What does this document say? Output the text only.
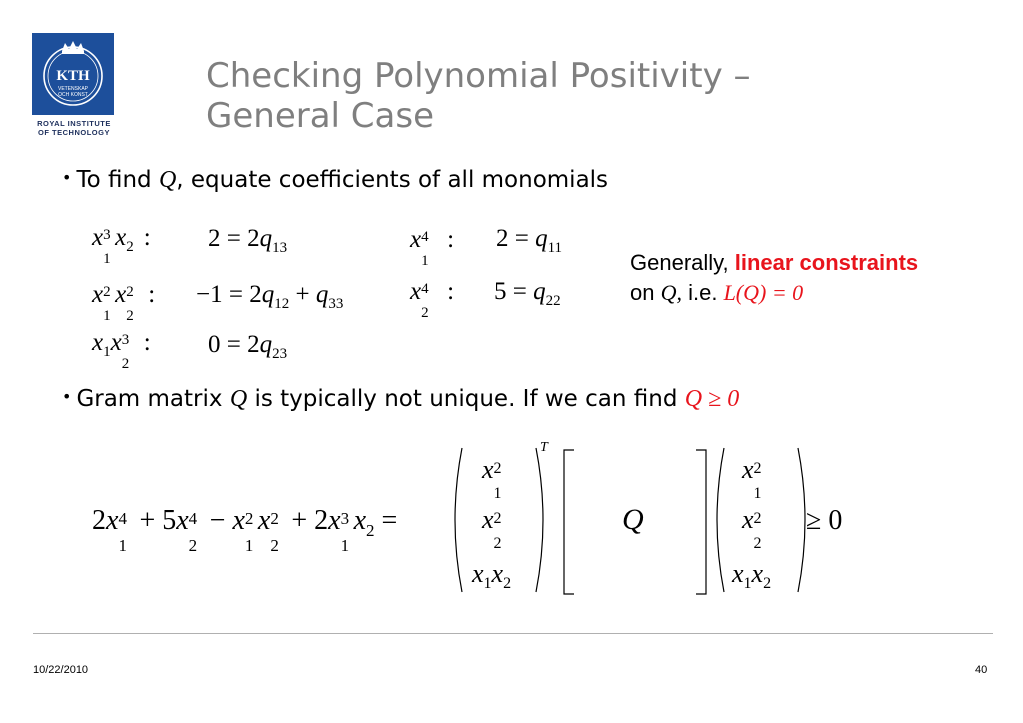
KTH
VETENSKAP
OCH KONST
ROYAL INSTITUTE
OF TECHNOLOGY
Checking Polynomial Positivity –
General Case
• To find Q, equate coefficients of all monomials
x 3
1
$x_2$ : $2 = 2q_{13}$
x 2
1
x 2
2
: $-1 = 2q_{12} + q_{33}$
$x_1x$ 3
2
: $0 = 2q_{23}$
x 4
1
: $2 = q_{11}$
x 4
2
: $5 = q_{22}$
Generally, linear constraints
on Q, i.e. L(Q) = 0
• Gram matrix Q is typically not unique. If we can find Q ≥ 0
2x 4
1
+ 5x 4
2
− x 2
1
x 2
2
+ 2x 3
1
$x_2$ =
T
x 2
1
x 2
2
$x_1x_2$
Q
x 2
1
x 2
2
$x_1x_2$
≥ 0
10/22/2010	40
